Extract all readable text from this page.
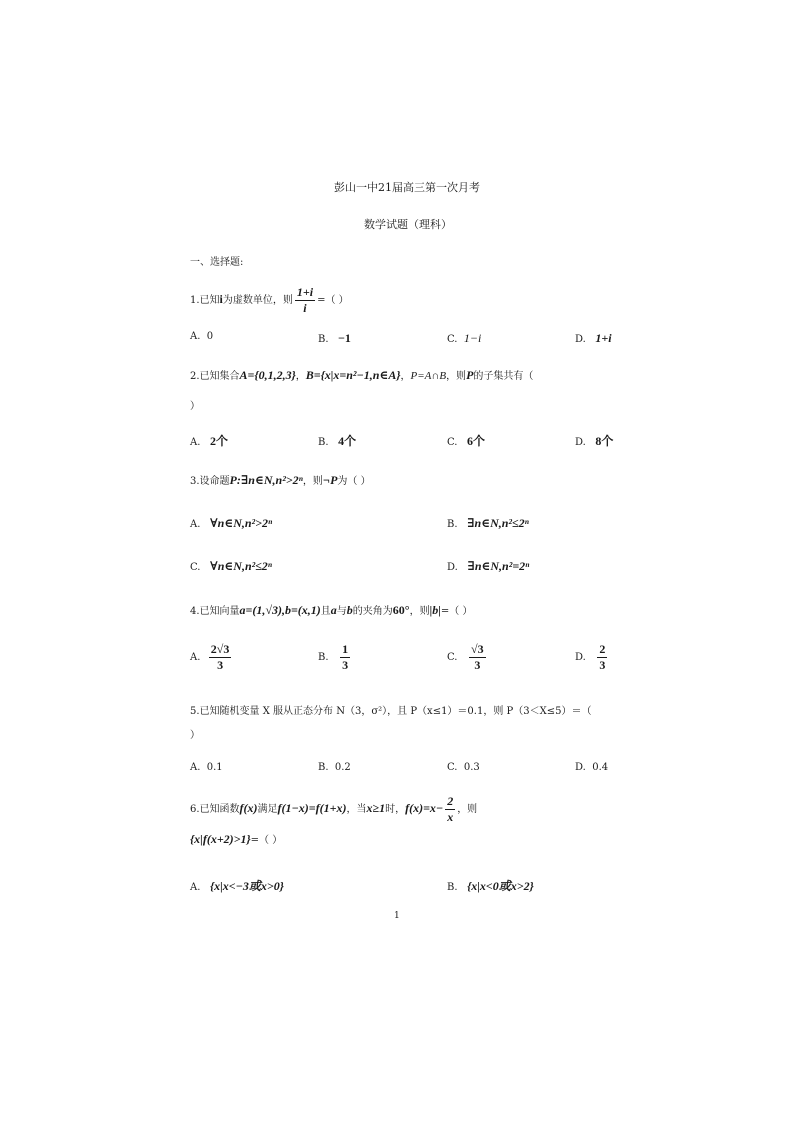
彭山一中21届高三第一次月考
数学试题（理科）
一、选择题:
1.已知i为虚数单位，则 $\frac{1+i}{i}$ =（ ）
A. 0	B. −1	C. 1−i	D. 1+i
2.已知集合A={0,1,2,3}，B={x|x=n²−1,n∈A}，P=A∩B，则P的子集共有（
）
A. 2个	B. 4个	C. 6个	D. 8个
3.设命题P:∃n∈N,n²>2ⁿ，则¬P为（ ）
A. ∀n∈N,n²>2ⁿ	B. ∃n∈N,n²≤2ⁿ
C. ∀n∈N,n²≤2ⁿ	D. ∃n∈N,n²=2ⁿ
4.已知向量a=(1,√3),b=(x,1)且a与b的夹角为60°，则|b|=（ ）
A. $\frac{2√3}{3}$	B. $\frac{1}{3}$	C. $\frac{√3}{3}$	D. $\frac{2}{3}$
5.已知随机变量 X 服从正态分布 N（3，σ²），且 P（x≤1）＝0.1，则 P（3＜X≤5）＝（
）
A. 0.1	B. 0.2	C. 0.3	D. 0.4
6.已知函数f(x)满足f(1−x)=f(1+x)，当x≥1时，$f(x)=x- \frac{2}{x}$ ，则
{x|f(x+2)>1}=（ ）
A. {x|x<−3或x>0}	B. {x|x<0或x>2}
1
